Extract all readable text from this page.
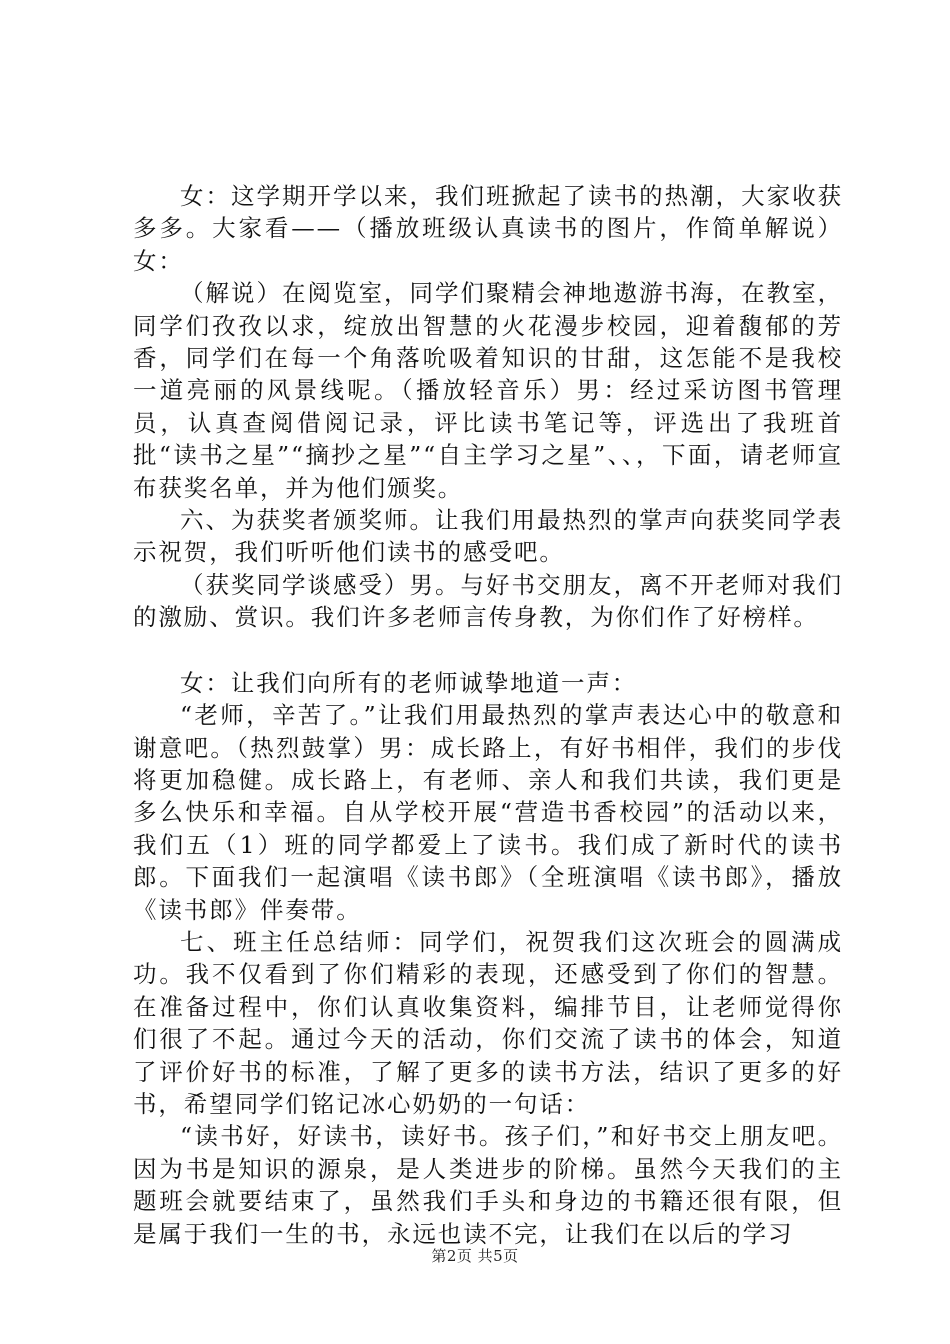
女：这学期开学以来，我们班掀起了读书的热潮，大家收获多多。大家看——（播放班级认真读书的图片，作简单解说）女：

（解说）在阅览室，同学们聚精会神地遨游书海，在教室，同学们孜孜以求，绽放出智慧的火花漫步校园，迎着馥郁的芳香，同学们在每一个角落吮吸着知识的甘甜，这怎能不是我校一道亮丽的风景线呢。（播放轻音乐）男：经过采访图书管理员，认真查阅借阅记录，评比读书笔记等，评选出了我班首批“读书之星”“摘抄之星”“自主学习之星”、、，下面，请老师宣布获奖名单，并为他们颁奖。

六、为获奖者颁奖师。让我们用最热烈的掌声向获奖同学表示祝贺，我们听听他们读书的感受吧。

（获奖同学谈感受）男。与好书交朋友，离不开老师对我们的激励、赏识。我们许多老师言传身教，为你们作了好榜样。

女：让我们向所有的老师诚挚地道一声：

“老师，辛苦了。”让我们用最热烈的掌声表达心中的敬意和谢意吧。（热烈鼓掌）男：成长路上，有好书相伴，我们的步伐将更加稳健。成长路上，有老师、亲人和我们共读，我们更是多么快乐和幸福。自从学校开展“营造书香校园”的活动以来，我们五（1）班的同学都爱上了读书。我们成了新时代的读书郎。下面我们一起演唱《读书郎》（全班演唱《读书郎》，播放《读书郎》伴奏带。

七、班主任总结师：同学们，祝贺我们这次班会的圆满成功。我不仅看到了你们精彩的表现，还感受到了你们的智慧。在准备过程中，你们认真收集资料，编排节目，让老师觉得你们很了不起。通过今天的活动，你们交流了读书的体会，知道了评价好书的标准，了解了更多的读书方法，结识了更多的好书，希望同学们铭记冰心奶奶的一句话：

“读书好，好读书，读好书。孩子们，”和好书交上朋友吧。因为书是知识的源泉，是人类进步的阶梯。虽然今天我们的主题班会就要结束了，虽然我们手头和身边的书籍还很有限，但是属于我们一生的书，永远也读不完，让我们在以后的学习

第2页 共5页
